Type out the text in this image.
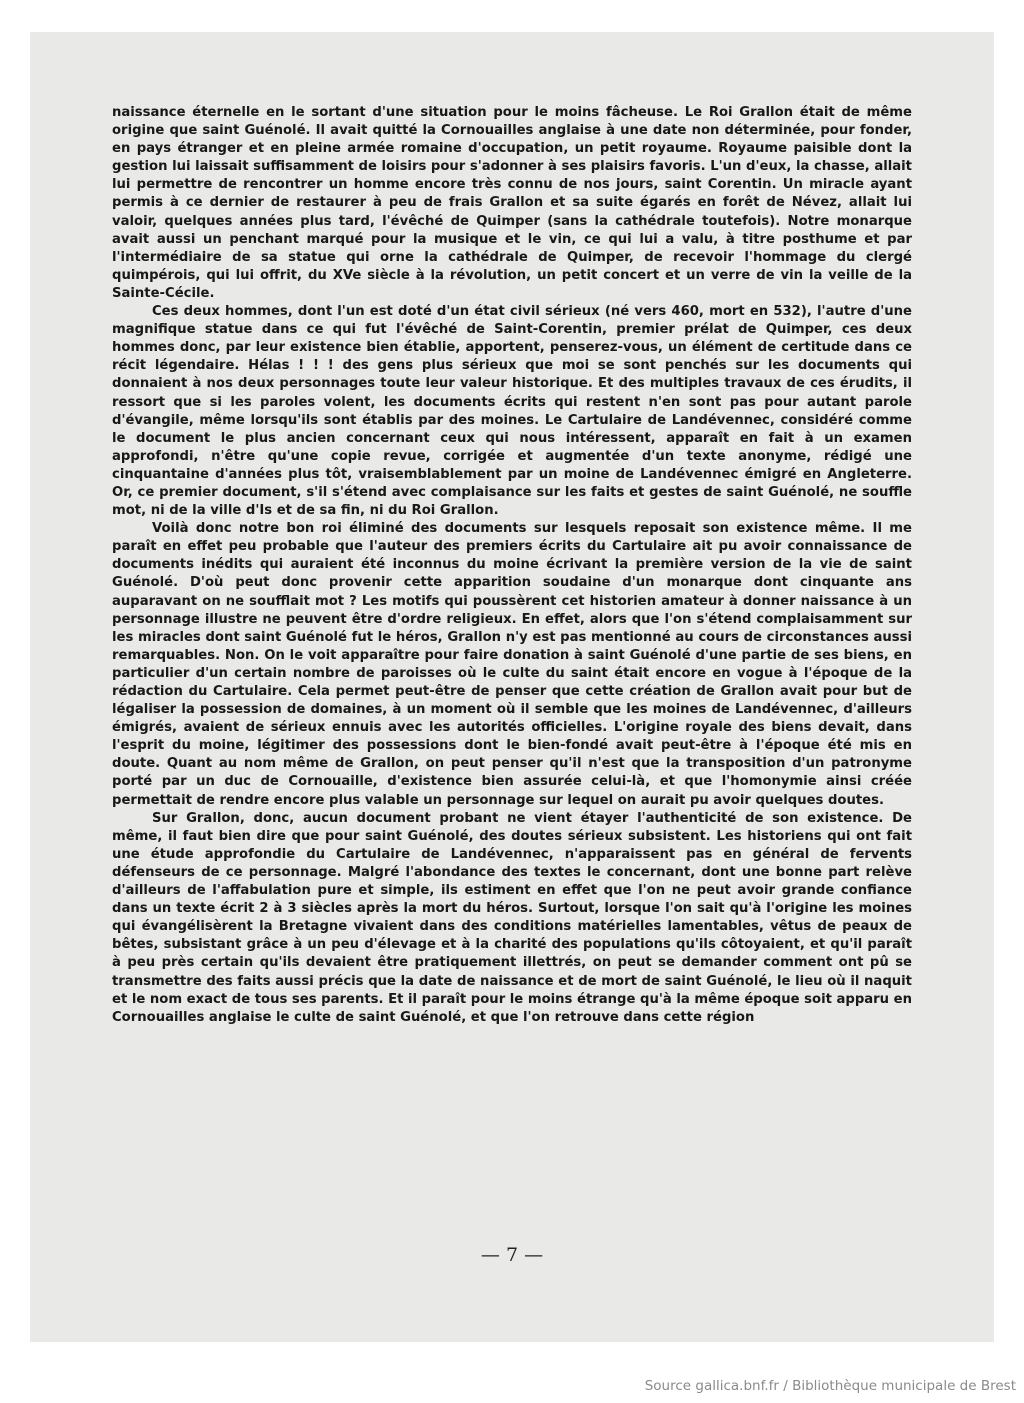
naissance éternelle en le sortant d'une situation pour le moins fâcheuse. Le Roi Grallon était de même origine que saint Guénolé. Il avait quitté la Cornouailles anglaise à une date non déterminée, pour fonder, en pays étranger et en pleine armée romaine d'occupation, un petit royaume. Royaume paisible dont la gestion lui laissait suffisamment de loisirs pour s'adonner à ses plaisirs favoris. L'un d'eux, la chasse, allait lui permettre de rencontrer un homme encore très connu de nos jours, saint Corentin. Un miracle ayant permis à ce dernier de restaurer à peu de frais Grallon et sa suite égarés en forêt de Névez, allait lui valoir, quelques années plus tard, l'évêché de Quimper (sans la cathédrale toutefois). Notre monarque avait aussi un penchant marqué pour la musique et le vin, ce qui lui a valu, à titre posthume et par l'intermédiaire de sa statue qui orne la cathédrale de Quimper, de recevoir l'hommage du clergé quimpérois, qui lui offrit, du XVe siècle à la révolution, un petit concert et un verre de vin la veille de la Sainte-Cécile.

Ces deux hommes, dont l'un est doté d'un état civil sérieux (né vers 460, mort en 532), l'autre d'une magnifique statue dans ce qui fut l'évêché de Saint-Corentin, premier prélat de Quimper, ces deux hommes donc, par leur existence bien établie, apportent, penserez-vous, un élément de certitude dans ce récit légendaire. Hélas ! ! ! des gens plus sérieux que moi se sont penchés sur les documents qui donnaient à nos deux personnages toute leur valeur historique. Et des multiples travaux de ces érudits, il ressort que si les paroles volent, les documents écrits qui restent n'en sont pas pour autant parole d'évangile, même lorsqu'ils sont établis par des moines. Le Cartulaire de Landévennec, considéré comme le document le plus ancien concernant ceux qui nous intéressent, apparaît en fait à un examen approfondi, n'être qu'une copie revue, corrigée et augmentée d'un texte anonyme, rédigé une cinquantaine d'années plus tôt, vraisemblablement par un moine de Landévennec émigré en Angleterre. Or, ce premier document, s'il s'étend avec complaisance sur les faits et gestes de saint Guénolé, ne souffle mot, ni de la ville d'Is et de sa fin, ni du Roi Grallon.

Voilà donc notre bon roi éliminé des documents sur lesquels reposait son existence même. Il me paraît en effet peu probable que l'auteur des premiers écrits du Cartulaire ait pu avoir connaissance de documents inédits qui auraient été inconnus du moine écrivant la première version de la vie de saint Guénolé. D'où peut donc provenir cette apparition soudaine d'un monarque dont cinquante ans auparavant on ne soufflait mot ? Les motifs qui poussèrent cet historien amateur à donner naissance à un personnage illustre ne peuvent être d'ordre religieux. En effet, alors que l'on s'étend complaisamment sur les miracles dont saint Guénolé fut le héros, Grallon n'y est pas mentionné au cours de circonstances aussi remarquables. Non. On le voit apparaître pour faire donation à saint Guénolé d'une partie de ses biens, en particulier d'un certain nombre de paroisses où le culte du saint était encore en vogue à l'époque de la rédaction du Cartulaire. Cela permet peut-être de penser que cette création de Grallon avait pour but de légaliser la possession de domaines, à un moment où il semble que les moines de Landévennec, d'ailleurs émigrés, avaient de sérieux ennuis avec les autorités officielles. L'origine royale des biens devait, dans l'esprit du moine, légitimer des possessions dont le bien-fondé avait peut-être à l'époque été mis en doute. Quant au nom même de Grallon, on peut penser qu'il n'est que la transposition d'un patronyme porté par un duc de Cornouaille, d'existence bien assurée celui-là, et que l'homonymie ainsi créée permettait de rendre encore plus valable un personnage sur lequel on aurait pu avoir quelques doutes.

Sur Grallon, donc, aucun document probant ne vient étayer l'authenticité de son existence. De même, il faut bien dire que pour saint Guénolé, des doutes sérieux subsistent. Les historiens qui ont fait une étude approfondie du Cartulaire de Landévennec, n'apparaissent pas en général de fervents défenseurs de ce personnage. Malgré l'abondance des textes le concernant, dont une bonne part relève d'ailleurs de l'affabulation pure et simple, ils estiment en effet que l'on ne peut avoir grande confiance dans un texte écrit 2 à 3 siècles après la mort du héros. Surtout, lorsque l'on sait qu'à l'origine les moines qui évangélisèrent la Bretagne vivaient dans des conditions matérielles lamentables, vêtus de peaux de bêtes, subsistant grâce à un peu d'élevage et à la charité des populations qu'ils côtoyaient, et qu'il paraît à peu près certain qu'ils devaient être pratiquement illettrés, on peut se demander comment ont pû se transmettre des faits aussi précis que la date de naissance et de mort de saint Guénolé, le lieu où il naquit et le nom exact de tous ses parents. Et il paraît pour le moins étrange qu'à la même époque soit apparu en Cornouailles anglaise le culte de saint Guénolé, et que l'on retrouve dans cette région

— 7 —
Source gallica.bnf.fr / Bibliothèque municipale de Brest
